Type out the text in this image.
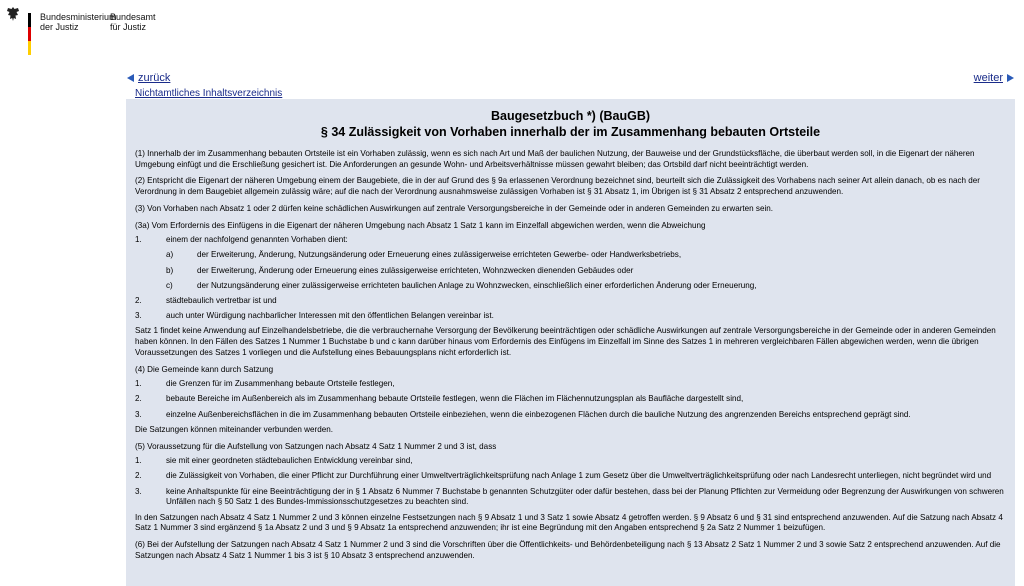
Bundesministerium
der Justiz
Bundesamt
für Justiz
zurück	weiter
Nichtamtliches Inhaltsverzeichnis
Baugesetzbuch *) (BauGB)
§ 34 Zulässigkeit von Vorhaben innerhalb der im Zusammenhang bebauten Ortsteile
(1) Innerhalb der im Zusammenhang bebauten Ortsteile ist ein Vorhaben zulässig, wenn es sich nach Art und Maß der baulichen Nutzung, der Bauweise und der Grundstücksfläche, die überbaut werden soll, in die Eigenart der näheren Umgebung einfügt und die Erschließung gesichert ist. Die Anforderungen an gesunde Wohn- und Arbeitsverhältnisse müssen gewahrt bleiben; das Ortsbild darf nicht beeinträchtigt werden.
(2) Entspricht die Eigenart der näheren Umgebung einem der Baugebiete, die in der auf Grund des § 9a erlassenen Verordnung bezeichnet sind, beurteilt sich die Zulässigkeit des Vorhabens nach seiner Art allein danach, ob es nach der Verordnung in dem Baugebiet allgemein zulässig wäre; auf die nach der Verordnung ausnahmsweise zulässigen Vorhaben ist § 31 Absatz 1, im Übrigen ist § 31 Absatz 2 entsprechend anzuwenden.
(3) Von Vorhaben nach Absatz 1 oder 2 dürfen keine schädlichen Auswirkungen auf zentrale Versorgungsbereiche in der Gemeinde oder in anderen Gemeinden zu erwarten sein.
(3a) Vom Erfordernis des Einfügens in die Eigenart der näheren Umgebung nach Absatz 1 Satz 1 kann im Einzelfall abgewichen werden, wenn die Abweichung
1.	einem der nachfolgend genannten Vorhaben dient:
a)	der Erweiterung, Änderung, Nutzungsänderung oder Erneuerung eines zulässigerweise errichteten Gewerbe- oder Handwerksbetriebs,
b)	der Erweiterung, Änderung oder Erneuerung eines zulässigerweise errichteten, Wohnzwecken dienenden Gebäudes oder
c)	der Nutzungsänderung einer zulässigerweise errichteten baulichen Anlage zu Wohnzwecken, einschließlich einer erforderlichen Änderung oder Erneuerung,
2.	städtebaulich vertretbar ist und
3.	auch unter Würdigung nachbarlicher Interessen mit den öffentlichen Belangen vereinbar ist.
Satz 1 findet keine Anwendung auf Einzelhandelsbetriebe, die die verbrauchernahe Versorgung der Bevölkerung beeinträchtigen oder schädliche Auswirkungen auf zentrale Versorgungsbereiche in der Gemeinde oder in anderen Gemeinden haben können. In den Fällen des Satzes 1 Nummer 1 Buchstabe b und c kann darüber hinaus vom Erfordernis des Einfügens im Einzelfall im Sinne des Satzes 1 in mehreren vergleichbaren Fällen abgewichen werden, wenn die übrigen Voraussetzungen des Satzes 1 vorliegen und die Aufstellung eines Bebauungsplans nicht erforderlich ist.
(4) Die Gemeinde kann durch Satzung
1.	die Grenzen für im Zusammenhang bebaute Ortsteile festlegen,
2.	bebaute Bereiche im Außenbereich als im Zusammenhang bebaute Ortsteile festlegen, wenn die Flächen im Flächennutzungsplan als Baufläche dargestellt sind,
3.	einzelne Außenbereichsflächen in die im Zusammenhang bebauten Ortsteile einbeziehen, wenn die einbezogenen Flächen durch die bauliche Nutzung des angrenzenden Bereichs entsprechend geprägt sind.
Die Satzungen können miteinander verbunden werden.
(5) Voraussetzung für die Aufstellung von Satzungen nach Absatz 4 Satz 1 Nummer 2 und 3 ist, dass
1.	sie mit einer geordneten städtebaulichen Entwicklung vereinbar sind,
2.	die Zulässigkeit von Vorhaben, die einer Pflicht zur Durchführung einer Umweltverträglichkeitsprüfung nach Anlage 1 zum Gesetz über die Umweltverträglichkeitsprüfung oder nach Landesrecht unterliegen, nicht begründet wird und
3.	keine Anhaltspunkte für eine Beeinträchtigung der in § 1 Absatz 6 Nummer 7 Buchstabe b genannten Schutzgüter oder dafür bestehen, dass bei der Planung Pflichten zur Vermeidung oder Begrenzung der Auswirkungen von schweren Unfällen nach § 50 Satz 1 des Bundes-Immissionsschutzgesetzes zu beachten sind.
In den Satzungen nach Absatz 4 Satz 1 Nummer 2 und 3 können einzelne Festsetzungen nach § 9 Absatz 1 und 3 Satz 1 sowie Absatz 4 getroffen werden. § 9 Absatz 6 und § 31 sind entsprechend anzuwenden. Auf die Satzung nach Absatz 4 Satz 1 Nummer 3 sind ergänzend § 1a Absatz 2 und 3 und § 9 Absatz 1a entsprechend anzuwenden; ihr ist eine Begründung mit den Angaben entsprechend § 2a Satz 2 Nummer 1 beizufügen.
(6) Bei der Aufstellung der Satzungen nach Absatz 4 Satz 1 Nummer 2 und 3 sind die Vorschriften über die Öffentlichkeits- und Behördenbeteiligung nach § 13 Absatz 2 Satz 1 Nummer 2 und 3 sowie Satz 2 entsprechend anzuwenden. Auf die Satzungen nach Absatz 4 Satz 1 Nummer 1 bis 3 ist § 10 Absatz 3 entsprechend anzuwenden.
